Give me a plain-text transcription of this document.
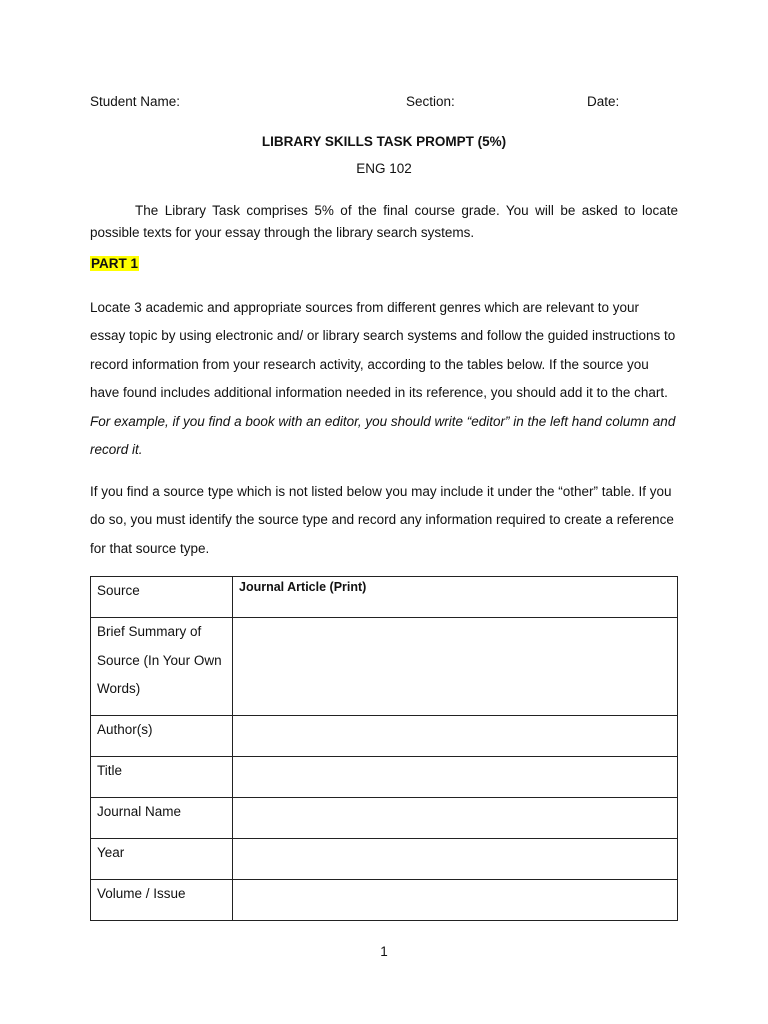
Student Name:	Section:	Date:
LIBRARY SKILLS TASK PROMPT (5%)
ENG 102
The Library Task comprises 5% of the final course grade. You will be asked to locate possible texts for your essay through the library search systems.
PART 1
Locate 3 academic and appropriate sources from different genres which are relevant to your essay topic by using electronic and/ or library search systems and follow the guided instructions to record information from your research activity, according to the tables below. If the source you have found includes additional information needed in its reference, you should add it to the chart.  For example, if you find a book with an editor, you should write “editor” in the left hand column and record it.
If you find a source type which is not listed below you may include it under the “other” table. If you do so, you must identify the source type and record any information required to create a reference for that source type.
Source	Journal Article (Print)
Brief Summary of Source (In Your Own Words)	
Author(s)	
Title	
Journal Name	
Year	
Volume / Issue	
1
